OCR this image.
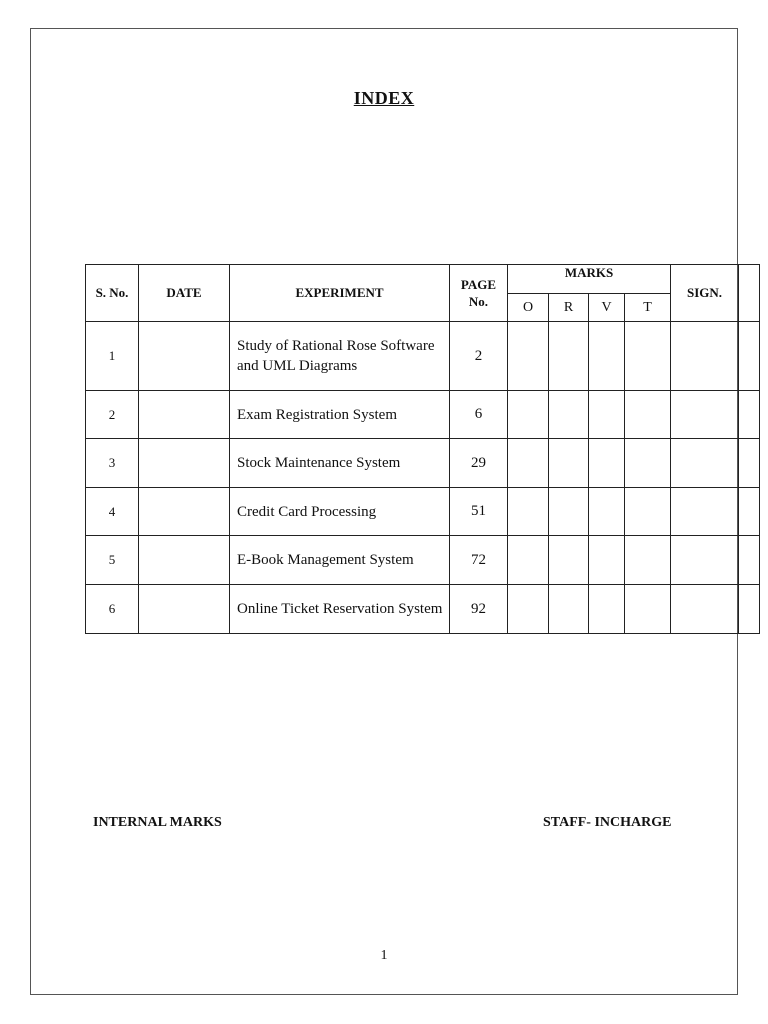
INDEX
S. No.	DATE	EXPERIMENT	PAGE No.	MARKS				SIGN.	
				O	R	V	T		
1		Study of Rational Rose Software and UML Diagrams	2						
2		Exam Registration System	6						
3		Stock Maintenance System	29						
4		Credit Card Processing	51						
5		E-Book Management System	72						
6		Online Ticket Reservation System	92						
INTERNAL MARKS	STAFF- INCHARGE
1
